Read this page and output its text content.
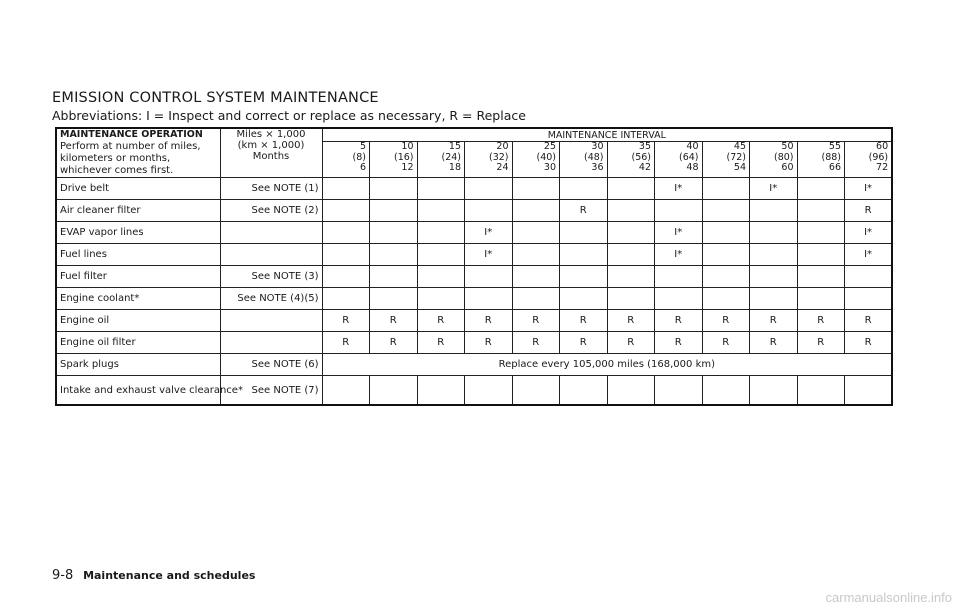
EMISSION CONTROL SYSTEM MAINTENANCE

Abbreviations: I = Inspect and correct or replace as necessary, R = Replace

MAINTENANCE OPERATION
Perform at number of miles,
kilometers or months,
whichever comes first.	Miles × 1,000
(km × 1,000)
Months	MAINTENANCE INTERVAL											
		5
(8)
6	10
(16)
12	15
(24)
18	20
(32)
24	25
(40)
30	30
(48)
36	35
(56)
42	40
(64)
48	45
(72)
54	50
(80)
60	55
(88)
66	60
(96)
72
Drive belt	See NOTE (1)								I*		I*		I*
Air cleaner filter	See NOTE (2)						R						R
EVAP vapor lines					I*				I*				I*
Fuel lines					I*				I*				I*
Fuel filter	See NOTE (3)												
Engine coolant*	See NOTE (4)(5)												
Engine oil		R	R	R	R	R	R	R	R	R	R	R	R
Engine oil filter		R	R	R	R	R	R	R	R	R	R	R	R
Spark plugs	See NOTE (6)	Replace every 105,000 miles (168,000 km)											
Intake and exhaust valve clearance*	See NOTE (7)												
9-8 Maintenance and schedules
carmanualsonline.info
